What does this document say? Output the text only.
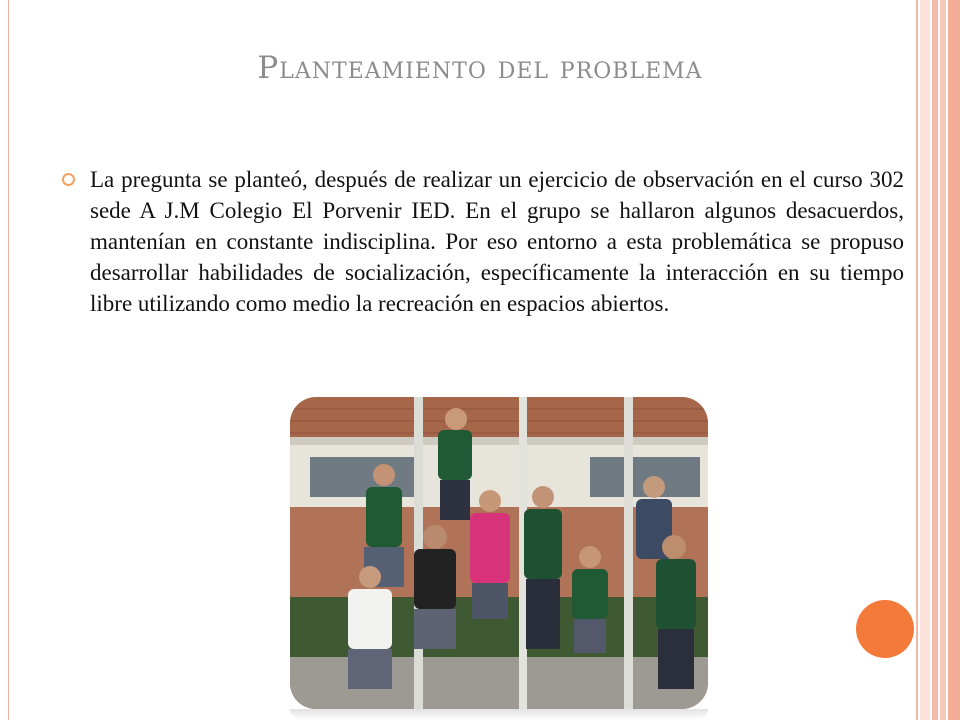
Planteamiento del problema

La pregunta se planteó, después de realizar un ejercicio de observación en el curso 302 sede A J.M Colegio El Porvenir IED. En el grupo se hallaron algunos desacuerdos, mantenían en constante indisciplina. Por eso entorno a esta problemática se propuso desarrollar habilidades de socialización, específicamente la interacción en su tiempo libre utilizando como medio la recreación en espacios abiertos.
